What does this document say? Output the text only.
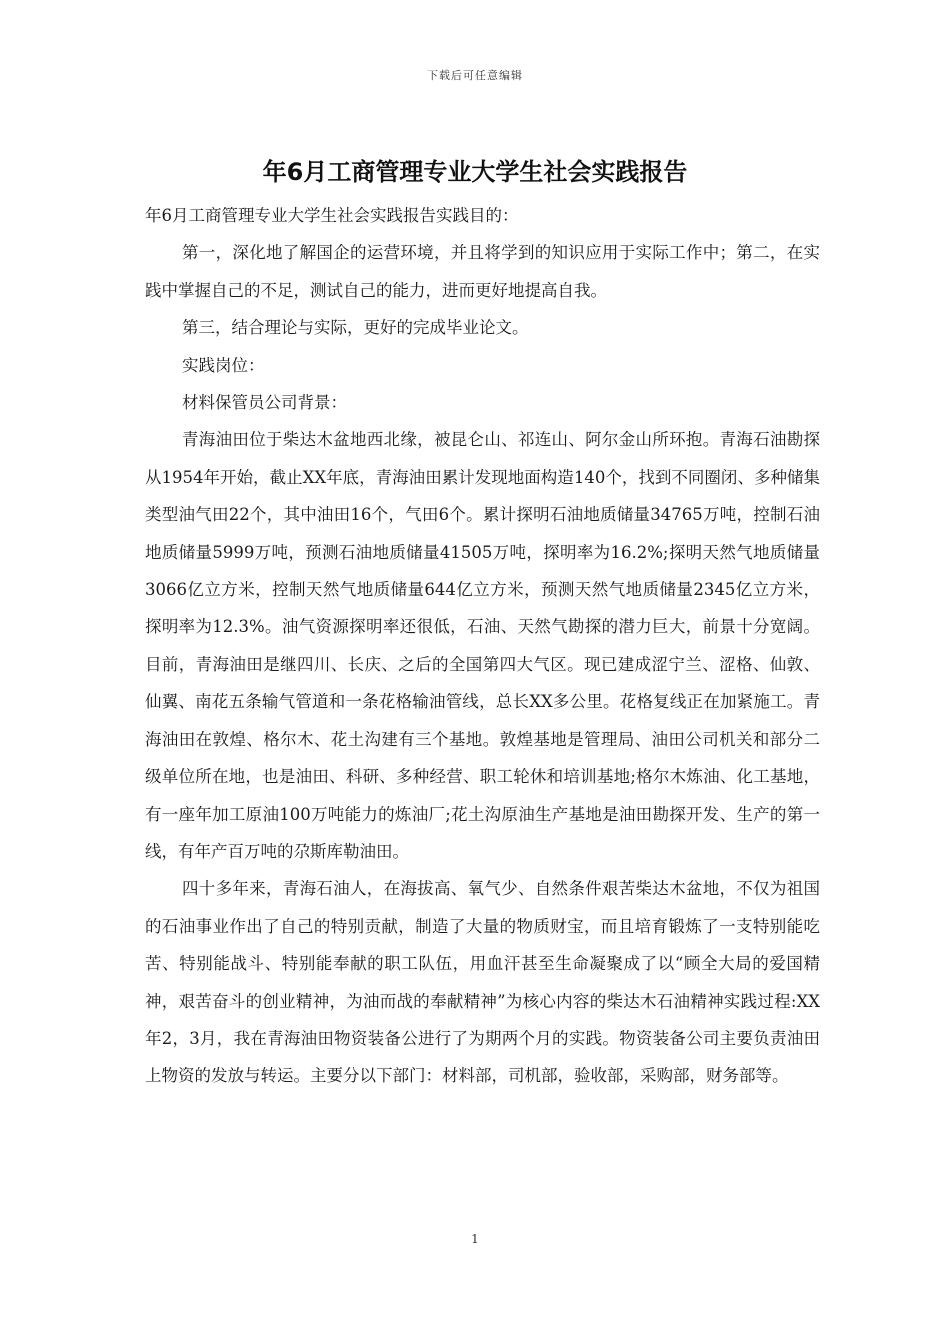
下载后可任意编辑
年6月工商管理专业大学生社会实践报告

年6月工商管理专业大学生社会实践报告实践目的：

第一，深化地了解国企的运营环境，并且将学到的知识应用于实际工作中；第二，在实践中掌握自己的不足，测试自己的能力，进而更好地提高自我。

第三，结合理论与实际，更好的完成毕业论文。

实践岗位：

材料保管员公司背景：

青海油田位于柴达木盆地西北缘，被昆仑山、祁连山、阿尔金山所环抱。青海石油勘探从1954年开始，截止XX年底，青海油田累计发现地面构造140个，找到不同圈闭、多种储集类型油气田22个，其中油田16个，气田6个。累计探明石油地质储量34765万吨，控制石油地质储量5999万吨，预测石油地质储量41505万吨，探明率为16.2%;探明天然气地质储量3066亿立方米，控制天然气地质储量644亿立方米，预测天然气地质储量2345亿立方米，探明率为12.3%。油气资源探明率还很低，石油、天然气勘探的潜力巨大，前景十分宽阔。目前，青海油田是继四川、长庆、之后的全国第四大气区。现已建成涩宁兰、涩格、仙敦、仙翼、南花五条输气管道和一条花格输油管线，总长XX多公里。花格复线正在加紧施工。青海油田在敦煌、格尔木、花土沟建有三个基地。敦煌基地是管理局、油田公司机关和部分二级单位所在地，也是油田、科研、多种经营、职工轮休和培训基地;格尔木炼油、化工基地，有一座年加工原油100万吨能力的炼油厂;花土沟原油生产基地是油田勘探开发、生产的第一线，有年产百万吨的尕斯库勒油田。

四十多年来，青海石油人，在海拔高、氧气少、自然条件艰苦柴达木盆地，不仅为祖国的石油事业作出了自己的特别贡献，制造了大量的物质财宝，而且培育锻炼了一支特别能吃苦、特别能战斗、特别能奉献的职工队伍，用血汗甚至生命凝聚成了以“顾全大局的爱国精神，艰苦奋斗的创业精神，为油而战的奉献精神”为核心内容的柴达木石油精神实践过程:XX年2，3月，我在青海油田物资装备公进行了为期两个月的实践。物资装备公司主要负责油田上物资的发放与转运。主要分以下部门：材料部，司机部，验收部，采购部，财务部等。

1
